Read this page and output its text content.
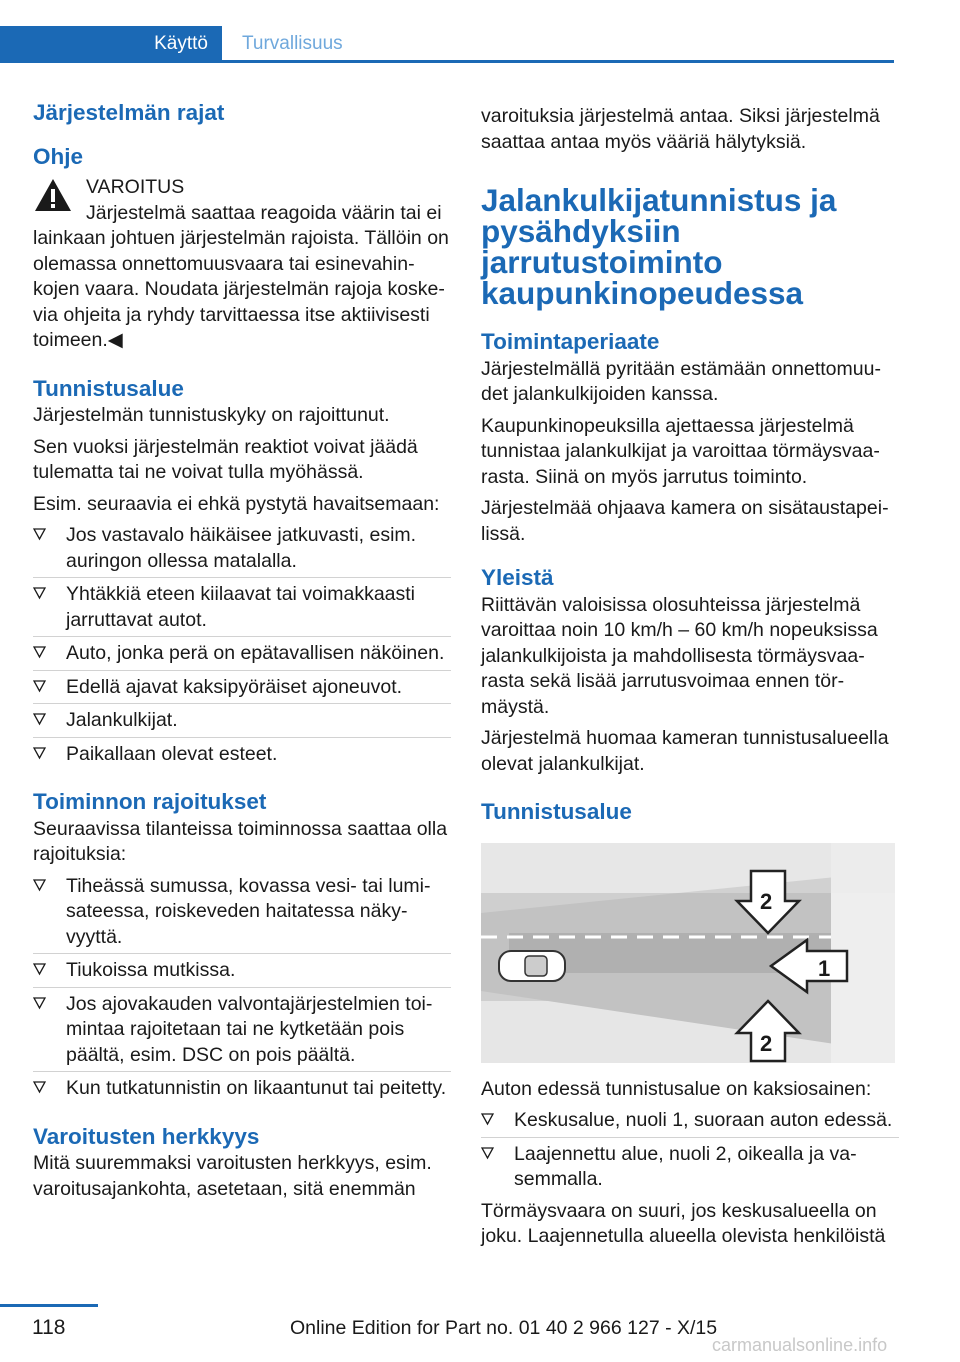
Käyttö Turvallisuus
Järjestelmän rajat
Ohje

VAROITUS

Järjestelmä saattaa reagoida väärin tai ei

lainkaan johtuen järjestelmän rajoista. Tällöin on olemassa onnettomuusvaara tai esinevahinkojen vaara. Noudata järjestelmän rajoja koskevia ohjeita ja ryhdy tarvittaessa itse aktiivisesti toimeen.◀

Tunnistusalue

Järjestelmän tunnistuskyky on rajoittunut.

Sen vuoksi järjestelmän reaktiot voivat jäädä tulematta tai ne voivat tulla myöhässä.

Esim. seuraavia ei ehkä pystytä havaitsemaan:

Jos vastavalo häikäisee jatkuvasti, esim. auringon ollessa matalalla.
Yhtäkkiä eteen kiilaavat tai voimakkaasti jarruttavat autot.
Auto, jonka perä on epätavallisen näköinen.
Edellä ajavat kaksipyöräiset ajoneuvot.
Jalankulkijat.
Paikallaan olevat esteet.
Toiminnon rajoitukset

Seuraavissa tilanteissa toiminnossa saattaa olla rajoituksia:

Tiheässä sumussa, kovassa vesi- tai lumisateessa, roiskeveden haitatessa näkyvyyttä.
Tiukoissa mutkissa.
Jos ajovakauden valvontajärjestelmien toimintaa rajoitetaan tai ne kytketään pois päältä, esim. DSC on pois päältä.
Kun tutkatunnistin on likaantunut tai peitetty.
Varoitusten herkkyys

Mitä suuremmaksi varoitusten herkkyys, esim. varoitusajankohta, asetetaan, sitä enemmän

varoituksia järjestelmä antaa. Siksi järjestelmä saattaa antaa myös vääriä hälytyksiä.

Jalankulkijatunnistus ja pysähdyksiin jarrutustoiminto kaupunkinopeudessa
Toimintaperiaate

Järjestelmällä pyritään estämään onnettomuudet jalankulkijoiden kanssa.

Kaupunkinopeuksilla ajettaessa järjestelmä tunnistaa jalankulkijat ja varoittaa törmäysvaarasta. Siinä on myös jarrutus toiminto.

Järjestelmää ohjaava kamera on sisätaustapeilissä.

Yleistä

Riittävän valoisissa olosuhteissa järjestelmä varoittaa noin 10 km/h – 60 km/h nopeuksissa jalankulkijoista ja mahdollisesta törmäysvaarasta sekä lisää jarrutusvoimaa ennen törmäystä.

Järjestelmä huomaa kameran tunnistusalueella olevat jalankulkijat.

Tunnistusalue
1
2
2

Auton edessä tunnistusalue on kaksiosainen:

Keskusalue, nuoli 1, suoraan auton edessä.
Laajennettu alue, nuoli 2, oikealla ja vasemmalla.

Törmäysvaara on suuri, jos keskusalueella on joku. Laajennetulla alueella olevista henkilöistä

118	Online Edition for Part no. 01 40 2 966 127 - X/15
carmanualsonline.info
